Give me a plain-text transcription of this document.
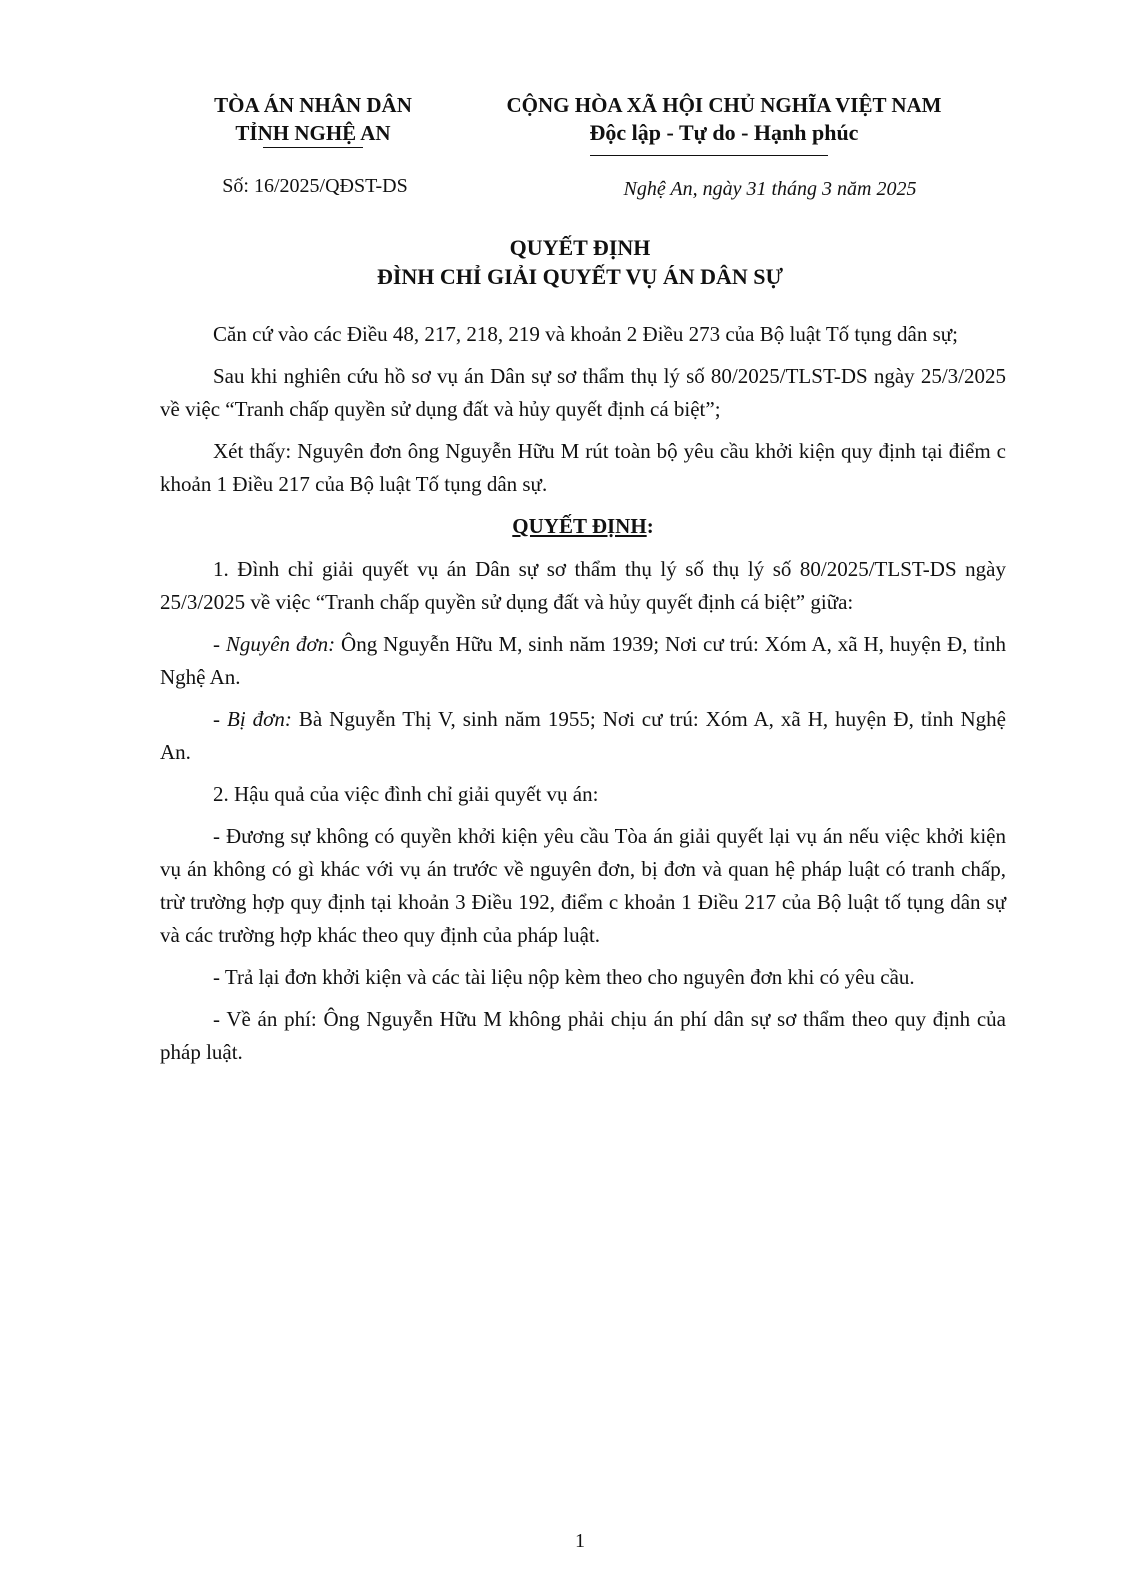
TÒA ÁN NHÂN DÂN
TỈNH NGHỆ AN
CỘNG HÒA XÃ HỘI CHỦ NGHĨA VIỆT NAM
Độc lập - Tự do - Hạnh phúc
Số: 16/2025/QĐST-DS	Nghệ An, ngày 31 tháng 3 năm 2025
QUYẾT ĐỊNH
ĐÌNH CHỈ GIẢI QUYẾT VỤ ÁN DÂN SỰ

Căn cứ vào các Điều 48, 217, 218, 219 và khoản 2 Điều 273 của Bộ luật Tố tụng dân sự;

Sau khi nghiên cứu hồ sơ vụ án Dân sự sơ thẩm thụ lý số 80/2025/TLST-DS ngày 25/3/2025 về việc “Tranh chấp quyền sử dụng đất và hủy quyết định cá biệt”;

Xét thấy: Nguyên đơn ông Nguyễn Hữu M rút toàn bộ yêu cầu khởi kiện quy định tại điểm c khoản 1 Điều 217 của Bộ luật Tố tụng dân sự.

QUYẾT ĐỊNH:

1. Đình chỉ giải quyết vụ án Dân sự sơ thẩm thụ lý số thụ lý số 80/2025/TLST-DS ngày 25/3/2025 về việc “Tranh chấp quyền sử dụng đất và hủy quyết định cá biệt” giữa:

- Nguyên đơn: Ông Nguyễn Hữu M, sinh năm 1939; Nơi cư trú: Xóm A, xã H, huyện Đ, tỉnh Nghệ An.

- Bị đơn: Bà Nguyễn Thị V, sinh năm 1955; Nơi cư trú: Xóm A, xã H, huyện Đ, tỉnh Nghệ An.

2. Hậu quả của việc đình chỉ giải quyết vụ án:

- Đương sự không có quyền khởi kiện yêu cầu Tòa án giải quyết lại vụ án nếu việc khởi kiện vụ án không có gì khác với vụ án trước về nguyên đơn, bị đơn và quan hệ pháp luật có tranh chấp, trừ trường hợp quy định tại khoản 3 Điều 192, điểm c khoản 1 Điều 217 của Bộ luật tố tụng dân sự và các trường hợp khác theo quy định của pháp luật.

- Trả lại đơn khởi kiện và các tài liệu nộp kèm theo cho nguyên đơn khi có yêu cầu.

- Về án phí: Ông Nguyễn Hữu M không phải chịu án phí dân sự sơ thẩm theo quy định của pháp luật.

1
